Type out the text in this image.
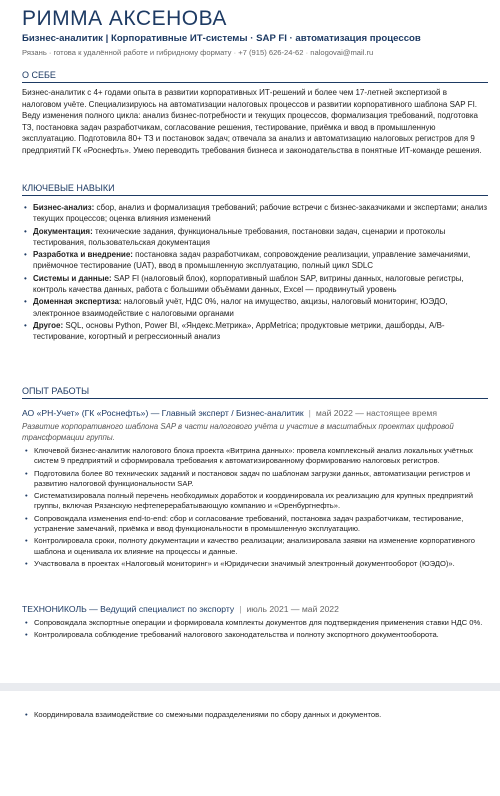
РИММА АКСЕНОВА
Бизнес-аналитик | Корпоративные ИТ-системы · SAP FI · автоматизация процессов
Рязань · готова к удалённой работе и гибридному формату · +7 (915) 626-24-62 · nalogovai@mail.ru
О СЕБЕ

Бизнес-аналитик с 4+ годами опыта в развитии корпоративных ИТ-решений и более чем 17-летней экспертизой в налоговом учёте. Специализируюсь на автоматизации налоговых процессов и развитии корпоративного шаблона SAP FI. Веду изменения полного цикла: анализ бизнес-потребности и текущих процессов, формализация требований, подготовка ТЗ, постановка задач разработчикам, согласование решения, тестирование, приёмка и ввод в промышленную эксплуатацию. Подготовила 80+ ТЗ и постановок задач; отвечала за анализ и автоматизацию налоговых регистров для 9 предприятий ГК «Роснефть». Умею переводить требования бизнеса и законодательства в понятные ИТ-команде решения.

КЛЮЧЕВЫЕ НАВЫКИ
• Бизнес-анализ: сбор, анализ и формализация требований; рабочие встречи с бизнес-заказчиками и экспертами; анализ текущих процессов; оценка влияния изменений
• Документация: технические задания, функциональные требования, постановки задач, сценарии и протоколы тестирования, пользовательская документация
• Разработка и внедрение: постановка задач разработчикам, сопровождение реализации, управление замечаниями, приёмочное тестирование (UAT), ввод в промышленную эксплуатацию, полный цикл SDLC
• Системы и данные: SAP FI (налоговый блок), корпоративный шаблон SAP, витрины данных, налоговые регистры, контроль качества данных, работа с большими объёмами данных, Excel — продвинутый уровень
• Доменная экспертиза: налоговый учёт, НДС 0%, налог на имущество, акцизы, налоговый мониторинг, ЮЭДО, электронное взаимодействие с налоговыми органами
• Другое: SQL, основы Python, Power BI, «Яндекс.Метрика», AppMetrica; продуктовые метрики, дашборды, A/B-тестирование, когортный и регрессионный анализ
ОПЫТ РАБОТЫ
АО «РН-Учет» (ГК «Роснефть») — Главный эксперт / Бизнес-аналитик | май 2022 — настоящее время
Развитие корпоративного шаблона SAP в части налогового учёта и участие в масштабных проектах цифровой трансформации группы.
• Ключевой бизнес-аналитик налогового блока проекта «Витрина данных»: провела комплексный анализ локальных учётных систем 9 предприятий и сформировала требования к автоматизированному формированию налоговых регистров.
• Подготовила более 80 технических заданий и постановок задач по шаблонам загрузки данных, автоматизации регистров и развитию налоговой функциональности SAP.
• Систематизировала полный перечень необходимых доработок и координировала их реализацию для крупных предприятий группы, включая Рязанскую нефтеперерабатывающую компанию и «Оренбургнефть».
• Сопровождала изменения end-to-end: сбор и согласование требований, постановка задач разработчикам, тестирование, устранение замечаний, приёмка и ввод функциональности в промышленную эксплуатацию.
• Контролировала сроки, полноту документации и качество реализации; анализировала заявки на изменение корпоративного шаблона и оценивала их влияние на процессы и данные.
• Участвовала в проектах «Налоговый мониторинг» и «Юридически значимый электронный документооборот (ЮЭДО)».
ТЕХНОНИКОЛЬ — Ведущий специалист по экспорту | июль 2021 — май 2022
• Сопровождала экспортные операции и формировала комплекты документов для подтверждения применения ставки НДС 0%.
• Контролировала соблюдение требований налогового законодательства и полноту экспортного документооборота.
• Координировала взаимодействие со смежными подразделениями по сбору данных и документов.
